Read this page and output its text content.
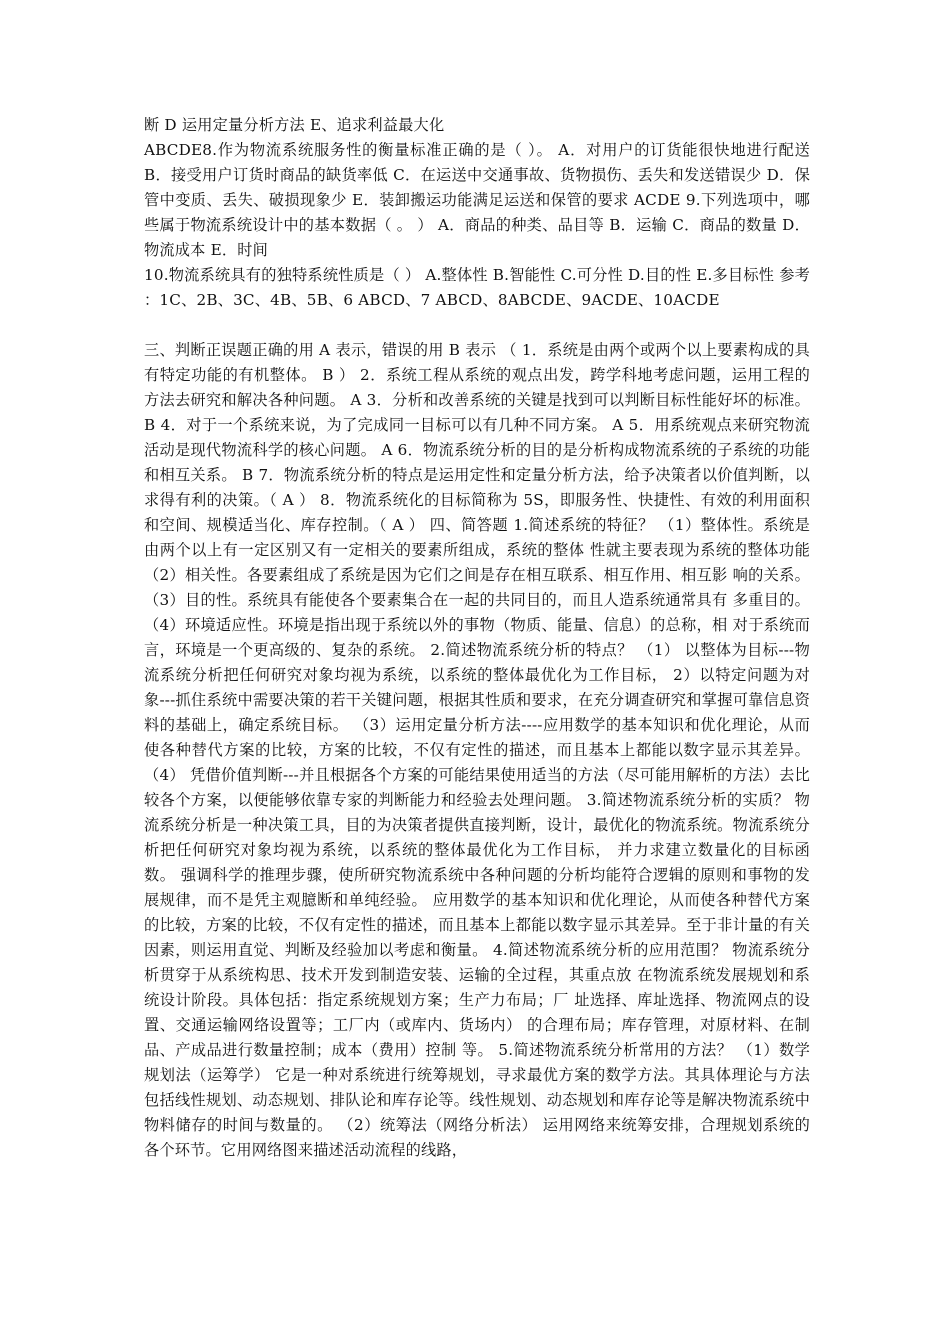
断 D 运用定量分析方法 E、追求利益最大化

ABCDE8.作为物流系统服务性的衡量标准正确的是（ ）。 A．对用户的订货能很快地进行配送 B．接受用户订货时商品的缺货率低 C．在运送中交通事故、货物损伤、丢失和发送错误少 D．保管中变质、丢失、破损现象少 E．装卸搬运功能满足运送和保管的要求 ACDE 9.下列选项中，哪些属于物流系统设计中的基本数据（ 。 ） A．商品的种类、品目等 B．运输 C．商品的数量 D．物流成本 E．时间

10.物流系统具有的独特系统性质是（ ） A.整体性 B.智能性 C.可分性 D.目的性 E.多目标性 参考 ：1C、2B、3C、4B、5B、6 ABCD、7 ABCD、8ABCDE、9ACDE、10ACDE

三、判断正误题正确的用 A 表示，错误的用 B 表示 （ 1．系统是由两个或两个以上要素构成的具有特定功能的有机整体。 B ） 2．系统工程从系统的观点出发，跨学科地考虑问题，运用工程的方法去研究和解决各种问题。 A 3．分析和改善系统的关键是找到可以判断目标性能好坏的标准。 B 4．对于一个系统来说，为了完成同一目标可以有几种不同方案。 A 5．用系统观点来研究物流活动是现代物流科学的核心问题。 A 6．物流系统分析的目的是分析构成物流系统的子系统的功能和相互关系。 B 7．物流系统分析的特点是运用定性和定量分析方法，给予决策者以价值判断，以求得有利的决策。（ A ） 8．物流系统化的目标简称为 5S，即服务性、快捷性、有效的利用面积和空间、规模适当化、库存控制。（ A ） 四、简答题 1.简述系统的特征？ （1）整体性。系统是由两个以上有一定区别又有一定相关的要素所组成，系统的整体 性就主要表现为系统的整体功能 （2）相关性。各要素组成了系统是因为它们之间是存在相互联系、相互作用、相互影 响的关系。 （3）目的性。系统具有能使各个要素集合在一起的共同目的，而且人造系统通常具有 多重目的。 （4）环境适应性。环境是指出现于系统以外的事物（物质、能量、信息）的总称，相 对于系统而言，环境是一个更高级的、复杂的系统。 2.简述物流系统分析的特点？ （1） 以整体为目标---物流系统分析把任何研究对象均视为系统，以系统的整体最优化为工作目标， 2）以特定问题为对象---抓住系统中需要决策的若干关键问题，根据其性质和要求，在充分调查研究和掌握可靠信息资料的基础上，确定系统目标。 （3）运用定量分析方法----应用数学的基本知识和优化理论，从而使各种替代方案的比较，方案的比较，不仅有定性的描述，而且基本上都能以数字显示其差异。 （4） 凭借价值判断---并且根据各个方案的可能结果使用适当的方法（尽可能用解析的方法）去比较各个方案，以便能够依靠专家的判断能力和经验去处理问题。 3.简述物流系统分析的实质？ 物流系统分析是一种决策工具，目的为决策者提供直接判断，设计，最优化的物流系统。物流系统分析把任何研究对象均视为系统，以系统的整体最优化为工作目标， 并力求建立数量化的目标函数。 强调科学的推理步骤，使所研究物流系统中各种问题的分析均能符合逻辑的原则和事物的发展规律，而不是凭主观臆断和单纯经验。 应用数学的基本知识和优化理论，从而使各种替代方案的比较，方案的比较，不仅有定性的描述，而且基本上都能以数字显示其差异。至于非计量的有关因素，则运用直觉、判断及经验加以考虑和衡量。 4.简述物流系统分析的应用范围？ 物流系统分析贯穿于从系统构思、技术开发到制造安装、运输的全过程，其重点放 在物流系统发展规划和系统设计阶段。具体包括：指定系统规划方案；生产力布局；厂 址选择、库址选择、物流网点的设置、交通运输网络设置等；工厂内（或库内、货场内） 的合理布局；库存管理，对原材料、在制品、产成品进行数量控制；成本（费用）控制 等。 5.简述物流系统分析常用的方法？ （1）数学规划法（运筹学） 它是一种对系统进行统筹规划，寻求最优方案的数学方法。其具体理论与方法包括线性规划、动态规划、排队论和库存论等。线性规划、动态规划和库存论等是解决物流系统中物料储存的时间与数量的。 （2）统筹法（网络分析法） 运用网络来统筹安排，合理规划系统的各个环节。它用网络图来描述活动流程的线路，
